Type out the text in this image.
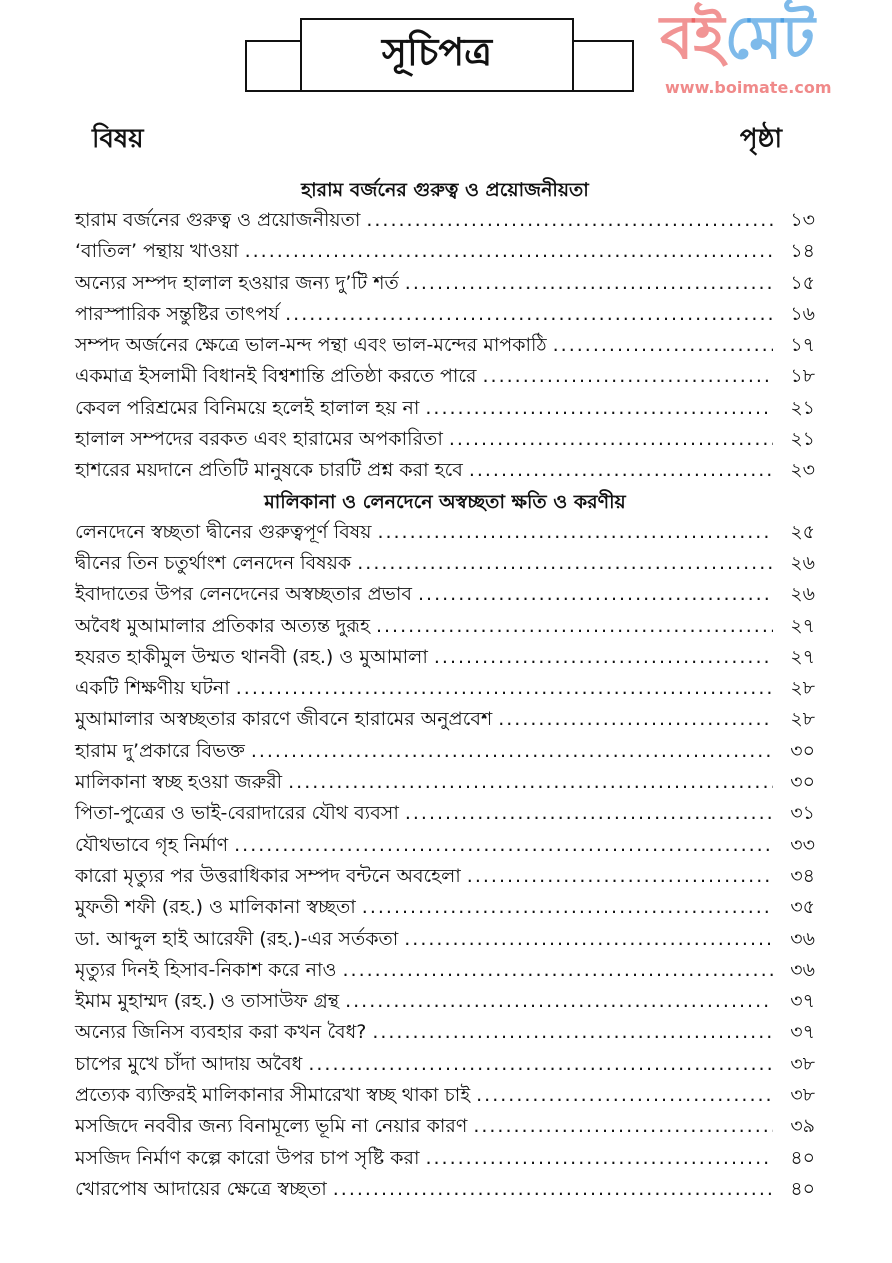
সূচিপত্র
বিষয়	পৃষ্ঠা
হারাম বর্জনের গুরুত্ব ও প্রয়োজনীয়তা
হারাম বর্জনের গুরুত্ব ও প্রয়োজনীয়তা .....	১৩
‘বাতিল’ পন্থায় খাওয়া .....	১৪
অন্যের সম্পদ হালাল হওয়ার জন্য দু’টি শর্ত .....	১৫
পারস্পারিক সন্তুষ্টির তাৎপর্য .....	১৬
সম্পদ অর্জনের ক্ষেত্রে ভাল-মন্দ পন্থা এবং ভাল-মন্দের মাপকাঠি .....	১৭
একমাত্র ইসলামী বিধানই বিশ্বশান্তি প্রতিষ্ঠা করতে পারে .....	১৮
কেবল পরিশ্রমের বিনিময়ে হলেই হালাল হয় না .....	২১
হালাল সম্পদের বরকত এবং হারামের অপকারিতা .....	২১
হাশরের ময়দানে প্রতিটি মানুষকে চারটি প্রশ্ন করা হবে .....	২৩
মালিকানা ও লেনদেনে অস্বচ্ছতা ক্ষতি ও করণীয়
লেনদেনে স্বচ্ছতা দ্বীনের গুরুত্বপূর্ণ বিষয় .....	২৫
দ্বীনের তিন চতুর্থাংশ লেনদেন বিষয়ক .....	২৬
ইবাদাতের উপর লেনদেনের অস্বচ্ছতার প্রভাব .....	২৬
অবৈধ মুআমালার প্রতিকার অত্যন্ত দুরূহ .....	২৭
হযরত হাকীমুল উম্মত থানবী (রহ.) ও মুআমালা .....	২৭
একটি শিক্ষণীয় ঘটনা .....	২৮
মুআমালার অস্বচ্ছতার কারণে জীবনে হারামের অনুপ্রবেশ .....	২৮
হারাম দু’প্রকারে বিভক্ত .....	৩০
মালিকানা স্বচ্ছ হওয়া জরুরী .....	৩০
পিতা-পুত্রের ও ভাই-বেরাদারের যৌথ ব্যবসা .....	৩১
যৌথভাবে গৃহ নির্মাণ .....	৩৩
কারো মৃত্যুর পর উত্তরাধিকার সম্পদ বন্টনে অবহেলা .....	৩৪
মুফতী শফী (রহ.) ও মালিকানা স্বচ্ছতা .....	৩৫
ডা. আব্দুল হাই আরেফী (রহ.)-এর সর্তকতা .....	৩৬
মৃত্যুর দিনই হিসাব-নিকাশ করে নাও .....	৩৬
ইমাম মুহাম্মদ (রহ.) ও তাসাউফ গ্রন্থ .....	৩৭
অন্যের জিনিস ব্যবহার করা কখন বৈধ? .....	৩৭
চাপের মুখে চাঁদা আদায় অবৈধ .....	৩৮
প্রত্যেক ব্যক্তিরই মালিকানার সীমারেখা স্বচ্ছ থাকা চাই .....	৩৮
মসজিদে নববীর জন্য বিনামূল্যে ভূমি না নেয়ার কারণ .....	৩৯
মসজিদ নির্মাণ কল্পে কারো উপর চাপ সৃষ্টি করা .....	৪০
খোরপোষ আদায়ের ক্ষেত্রে স্বচ্ছতা .....	৪০
বইমেট
www.boimate.com
